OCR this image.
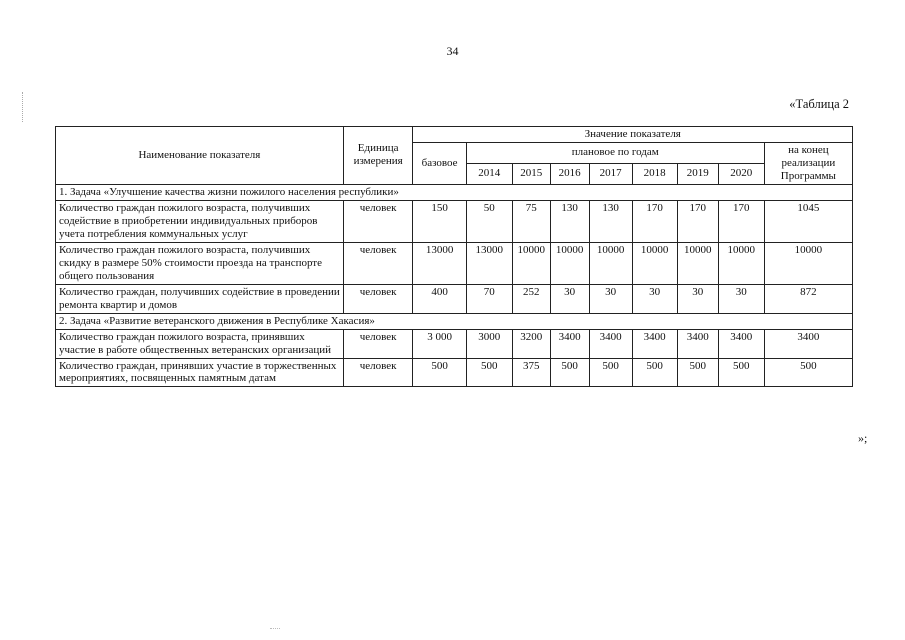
34
«Таблица 2
Наименование показателя	Единица измерения	Значение показателя								
		базовое	плановое по годам							на конец реализации Программы
			2014	2015	2016	2017	2018	2019	2020	
1. Задача «Улучшение качества жизни пожилого населения республики»										
Количество граждан пожилого возраста, получивших содействие в приобретении индивидуальных приборов учета потребления коммунальных услуг	человек	150	50	75	130	130	170	170	170	1045
Количество граждан пожилого возраста, получивших скидку в размере 50% стоимости проезда на транспорте общего пользования	человек	13000	13000	10000	10000	10000	10000	10000	10000	10000
Количество граждан, получивших содействие в проведении ремонта квартир и домов	человек	400	70	252	30	30	30	30	30	872
2. Задача «Развитие ветеранского движения в Республике Хакасия»										
Количество граждан пожилого возраста, принявших участие в работе общественных ветеранских организаций	человек	3 000	3000	3200	3400	3400	3400	3400	3400	3400
Количество граждан, принявших участие в торжественных мероприятиях, посвященных памятным датам	человек	500	500	375	500	500	500	500	500	500
»;
